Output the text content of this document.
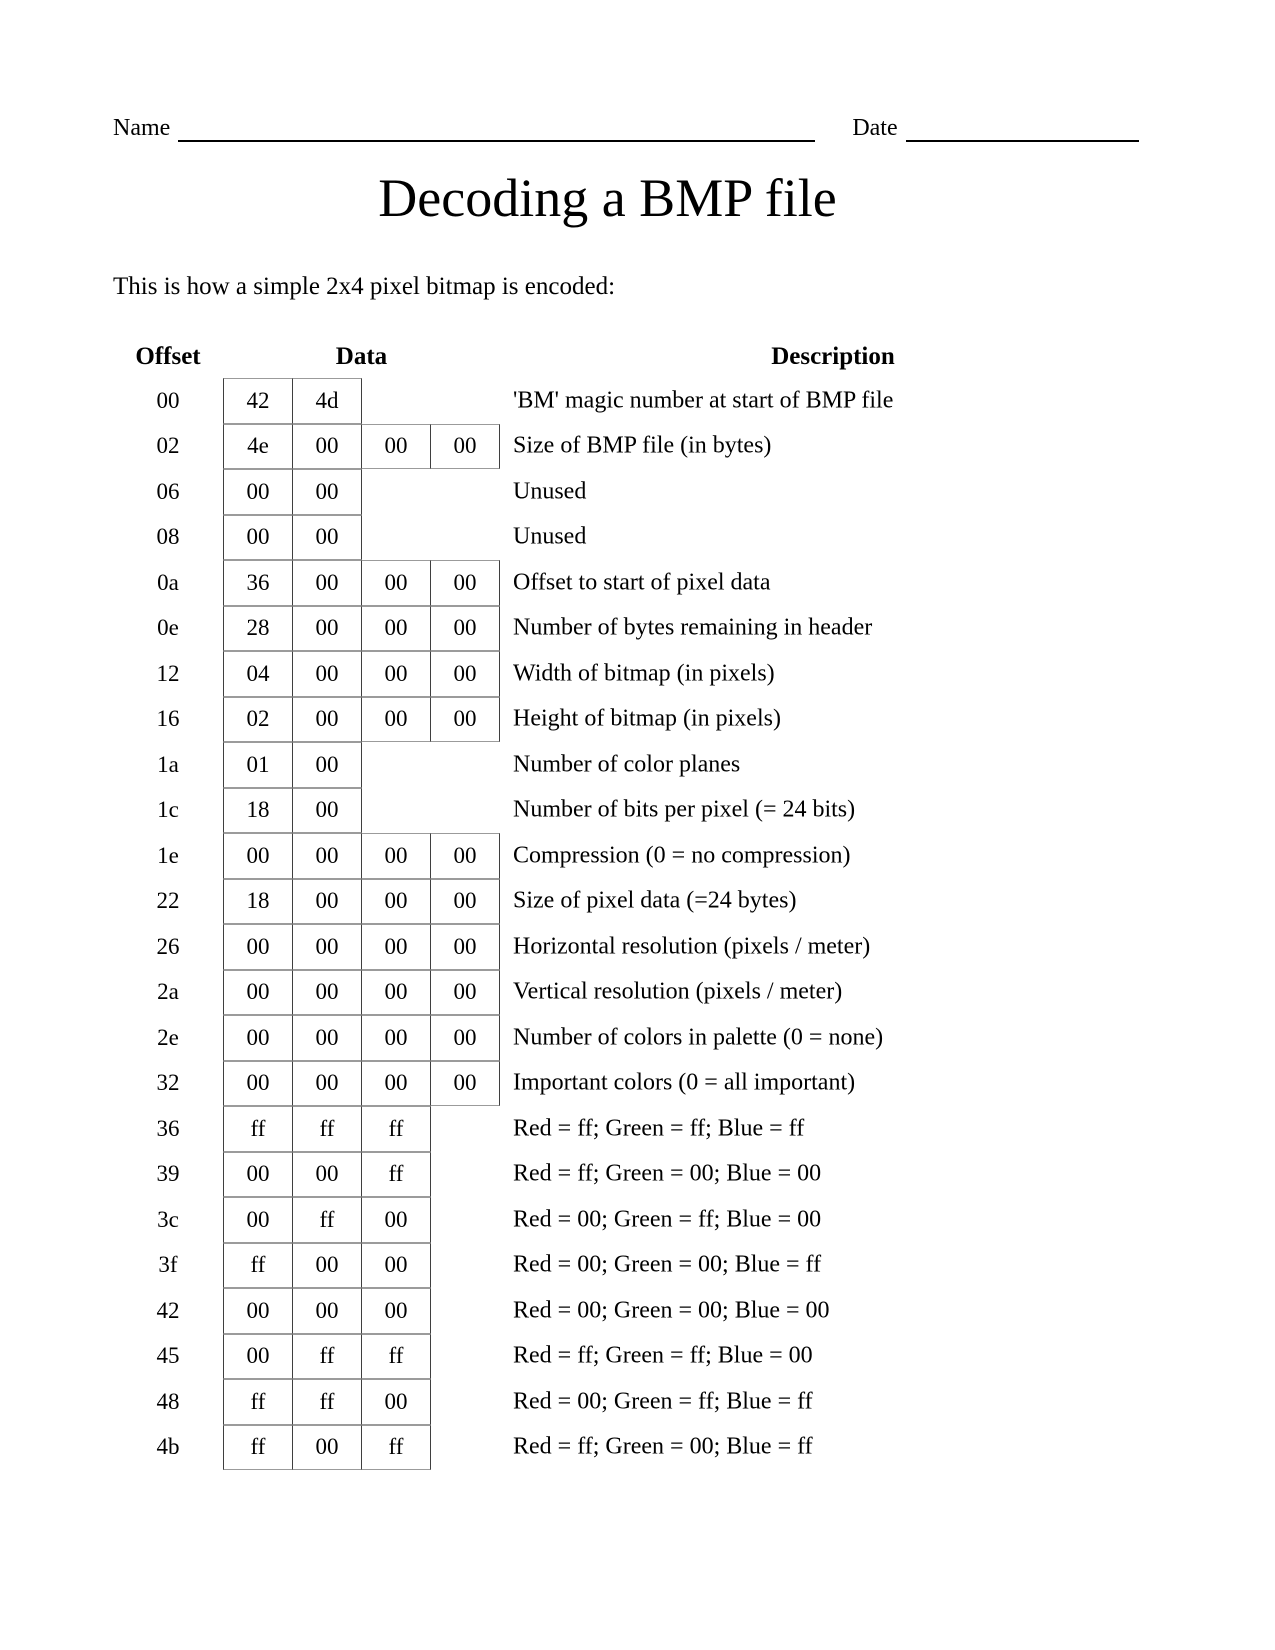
Name	Date
Decoding a BMP file
This is how a simple 2x4 pixel bitmap is encoded:
Offset	Data	Description
00	42	4d	'BM' magic number at start of BMP file
02	4e	00	00	00	Size of BMP file (in bytes)
06	00	00	Unused
08	00	00	Unused
0a	36	00	00	00	Offset to start of pixel data
0e	28	00	00	00	Number of bytes remaining in header
12	04	00	00	00	Width of bitmap (in pixels)
16	02	00	00	00	Height of bitmap (in pixels)
1a	01	00	Number of color planes
1c	18	00	Number of bits per pixel (= 24 bits)
1e	00	00	00	00	Compression (0 = no compression)
22	18	00	00	00	Size of pixel data (=24 bytes)
26	00	00	00	00	Horizontal resolution (pixels / meter)
2a	00	00	00	00	Vertical resolution (pixels / meter)
2e	00	00	00	00	Number of colors in palette (0 = none)
32	00	00	00	00	Important colors (0 = all important)
36	ff	ff	ff	Red = ff; Green = ff; Blue = ff
39	00	00	ff	Red = ff; Green = 00; Blue = 00
3c	00	ff	00	Red = 00; Green = ff; Blue = 00
3f	ff	00	00	Red = 00; Green = 00; Blue = ff
42	00	00	00	Red = 00; Green = 00; Blue = 00
45	00	ff	ff	Red = ff; Green = ff; Blue = 00
48	ff	ff	00	Red = 00; Green = ff; Blue = ff
4b	ff	00	ff	Red = ff; Green = 00; Blue = ff
